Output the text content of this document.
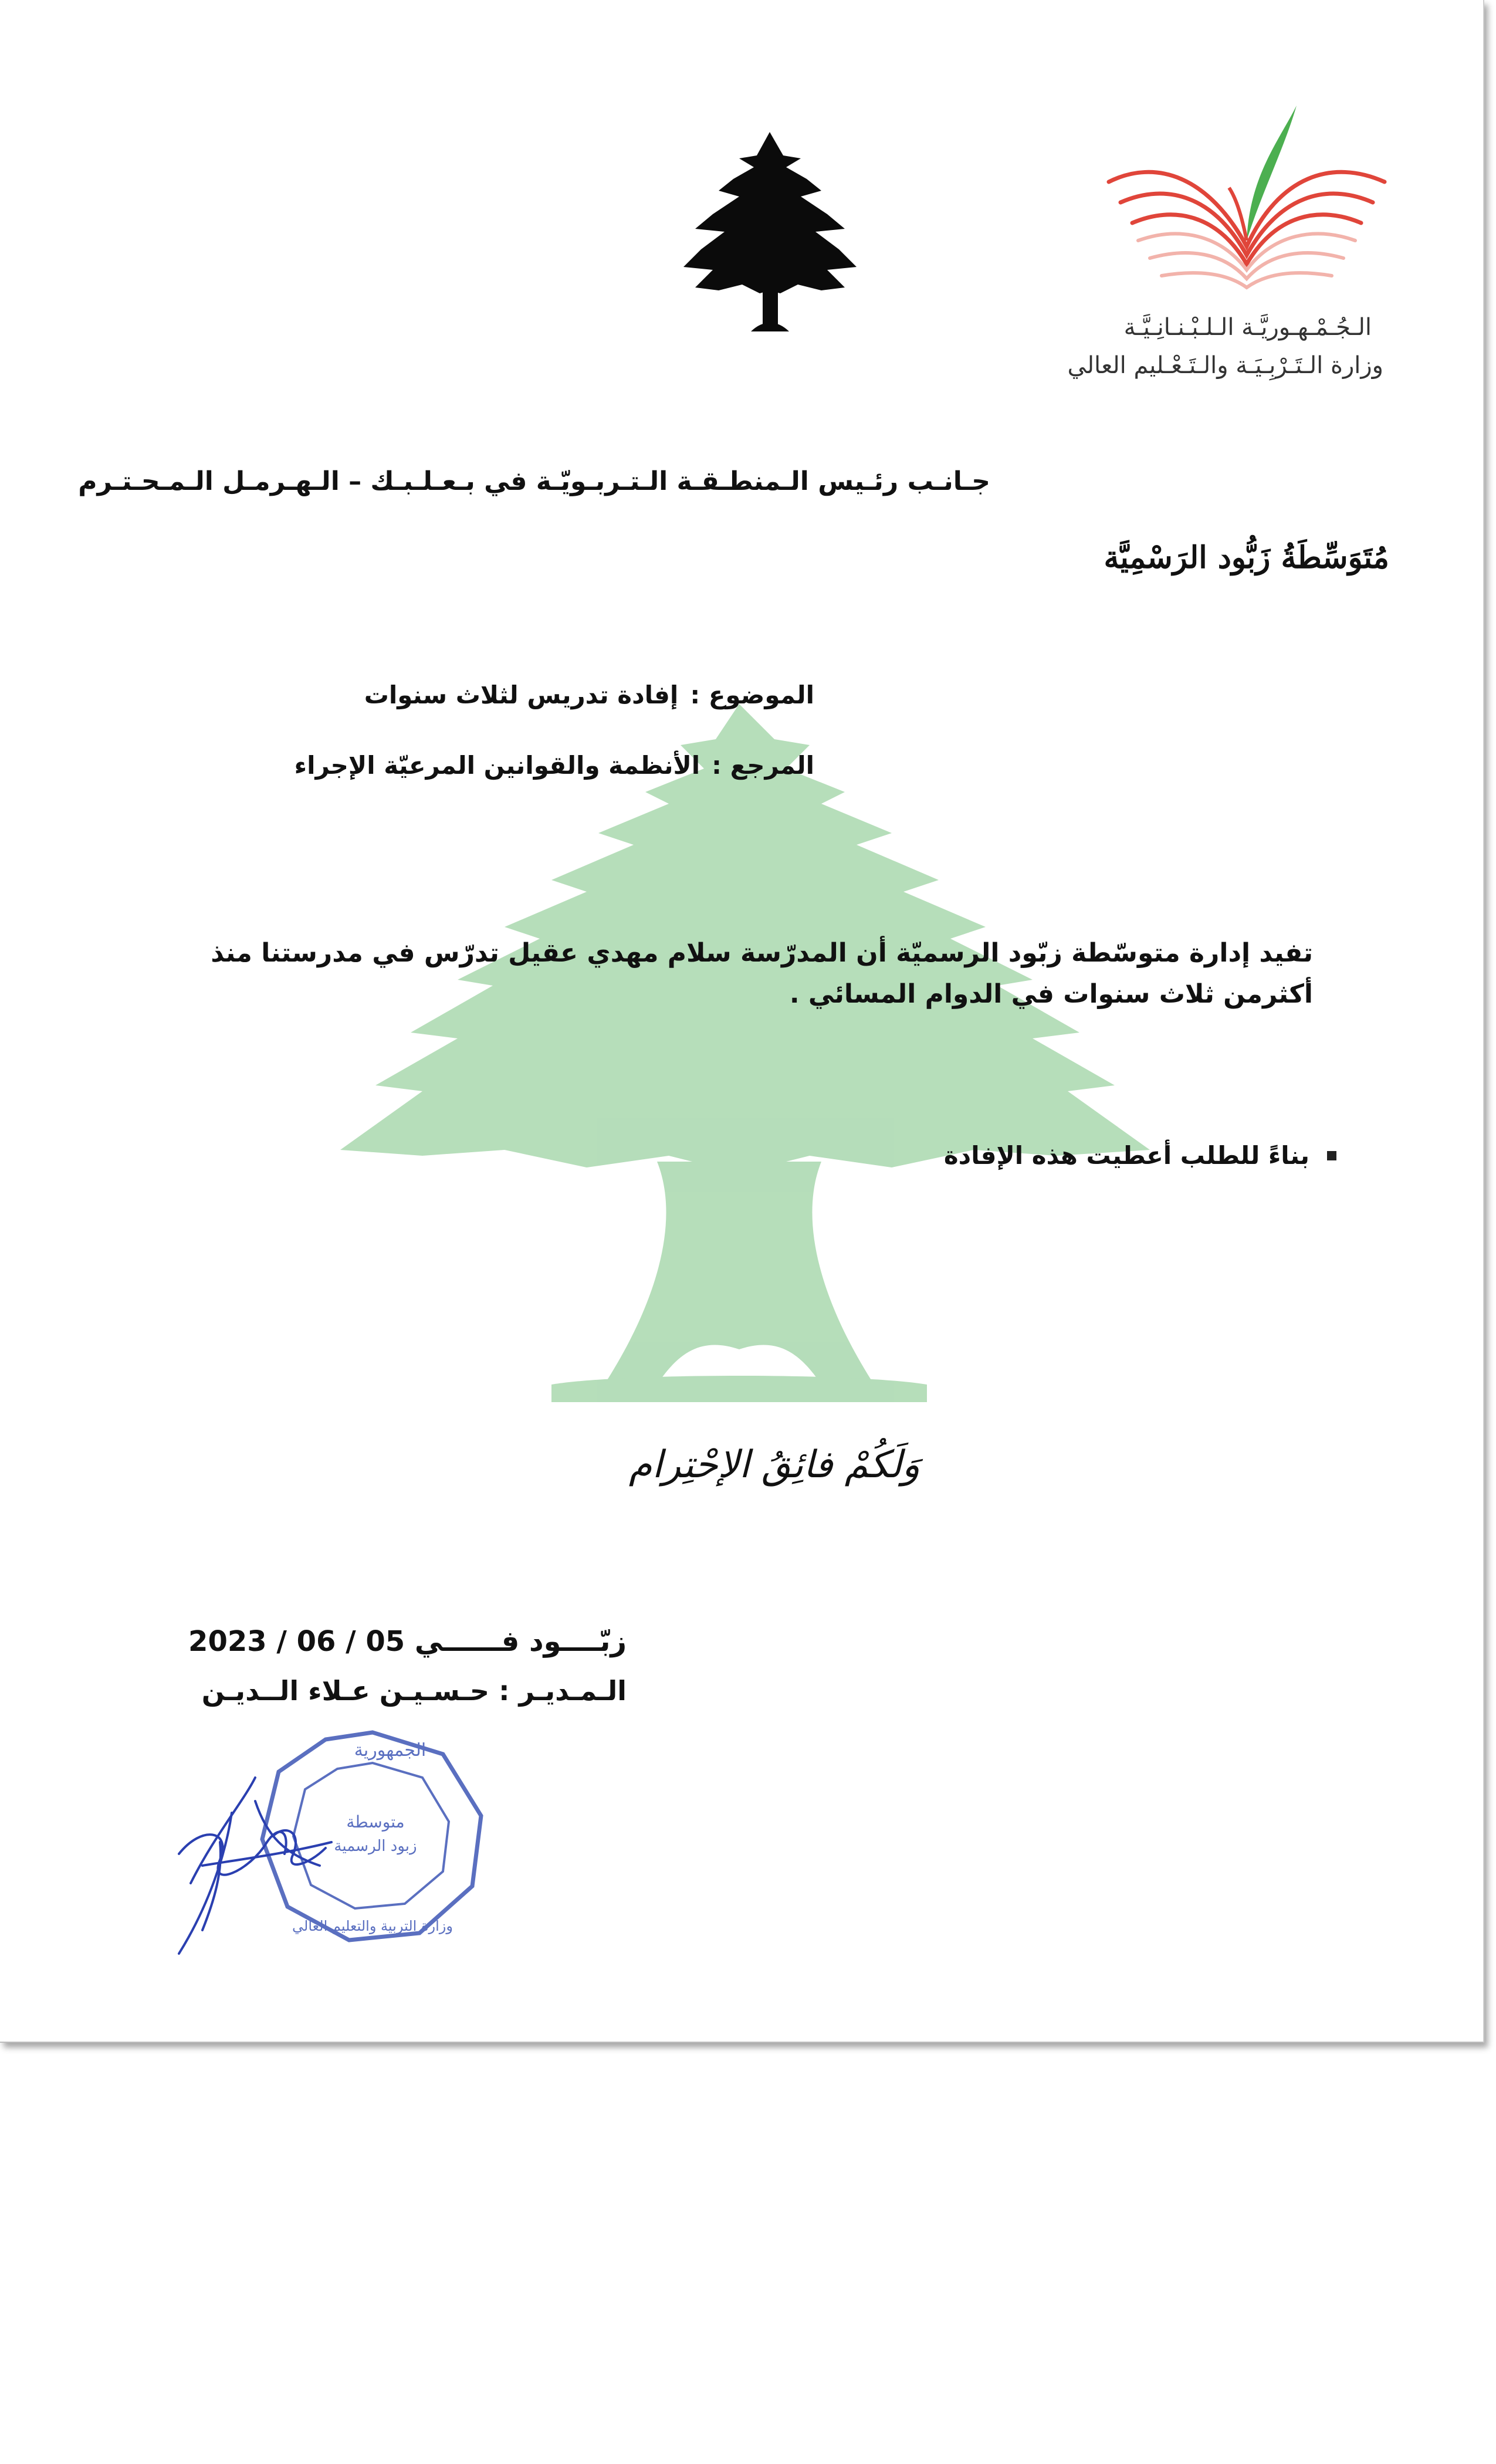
الـجُـمْـهـوريَّـة الـلـبْـنـانِـيَّـة
وزارة الـتَـرْبِـيَـة والـتَـعْـليم العالي
جـانـب رئـيس الـمنطـقـة الـتـربـويّـة في بـعـلـبـك – الـهـرمـل الـمـحـتـرم
مُتَوَسِّطَةُ زَبُّود الرَسْمِيَّة
الموضوع :
إفادة تدريس لثلاث سنوات
المرجع :
الأنظمة والقوانين المرعيّة الإجراء
تفيد إدارة متوسّطة زبّود الرسميّة أن المدرّسة سلام مهدي عقيل تدرّس في مدرستنا منذ
أكثرمن ثلاث سنوات في الدوام المسائي .
بناءً للطلب أعطيت هذه الإفادة
وَلَكُمْ فائِقُ الإحْتِرام
زبّــــود فــــــي 05 / 06 / 2023
الـمـديـر : حـسـيـن عـلاء الــديـن
الجمهورية
وزارة التربية والتعليم العالي
متوسطة
زبود الرسمية
